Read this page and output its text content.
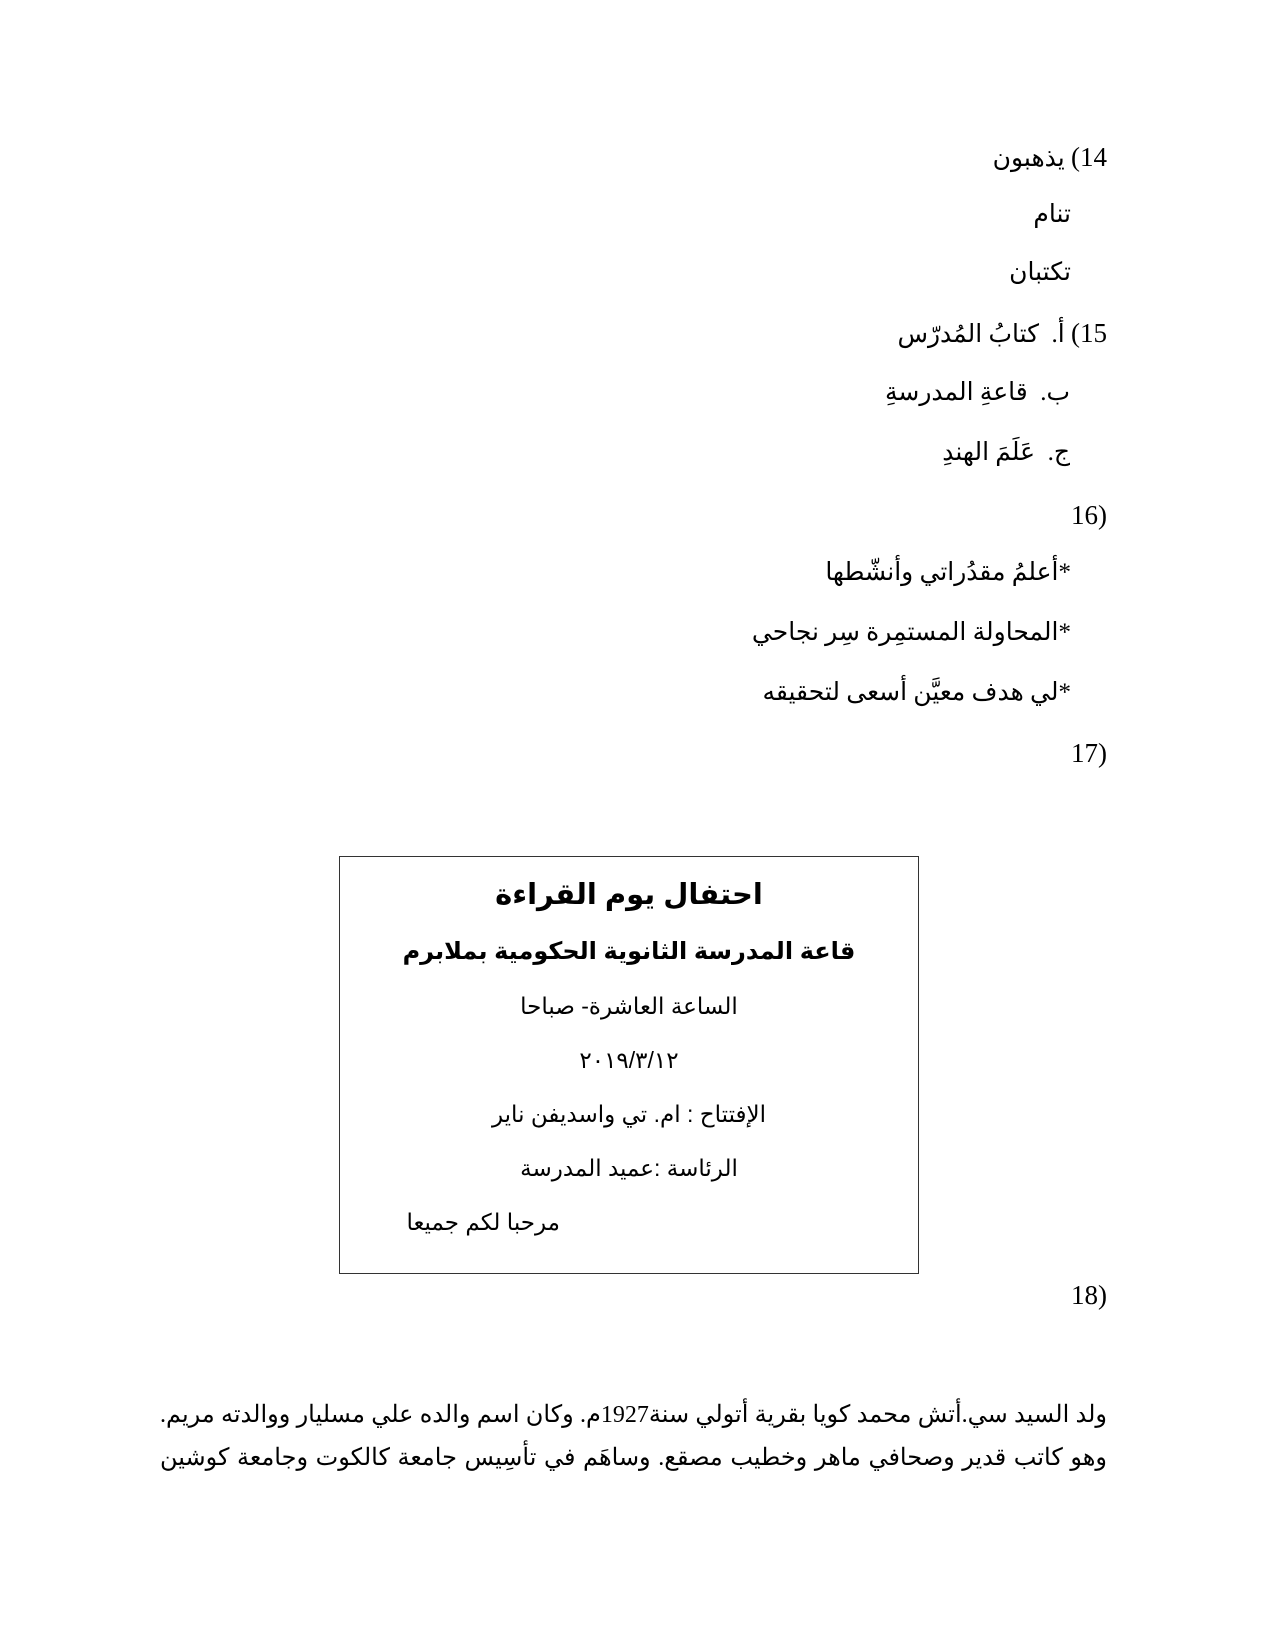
14) يذهبون
تنام
تكتبان
15) أ.  كتابُ المُدرّس
ب.  قاعةِ المدرسةِ
ج.  عَلَمَ الهندِ
(16
*أعلمُ مقدُراتي وأنشّطها
*المحاولة المستمِرة سِر نجاحي
*لي هدف معيَّن أسعى لتحقيقه
(17
احتفال يوم القراءة
قاعة المدرسة الثانوية الحكومية بملابرم
الساعة العاشرة- صباحا
٢٠١٩/٣/١٢
الإفتتاح : ام. تي واسديفن ناير
الرئاسة :عميد المدرسة
مرحبا لكم جميعا
(18
ولد السيد سي.أتش محمد كويا بقرية أتولي سنة1927م. وكان اسم والده علي مسليار ووالدته مريم.
وهو كاتب قدير وصحافي ماهر وخطيب مصقع. وساهَم في تأسِيس جامعة كالكوت وجامعة كوشين
